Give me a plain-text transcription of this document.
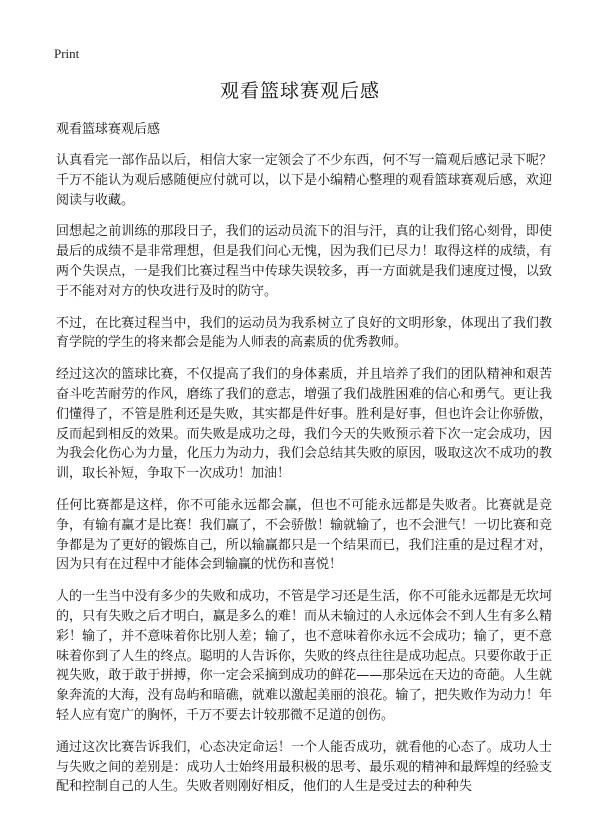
Print
观看篮球赛观后感

观看篮球赛观后感

认真看完一部作品以后，相信大家一定领会了不少东西，何不写一篇观后感记录下呢？千万不能认为观后感随便应付就可以，以下是小编精心整理的观看篮球赛观后感，欢迎阅读与收藏。

回想起之前训练的那段日子，我们的运动员流下的泪与汗，真的让我们铭心刻骨，即使最后的成绩不是非常理想，但是我们问心无愧，因为我们已尽力！取得这样的成绩，有两个失误点，一是我们比赛过程当中传球失误较多，再一方面就是我们速度过慢，以致于不能对对方的快攻进行及时的防守。

不过，在比赛过程当中，我们的运动员为我系树立了良好的文明形象，体现出了我们教育学院的学生的将来都会是能为人师表的高素质的优秀教师。

经过这次的篮球比赛，不仅提高了我们的身体素质，并且培养了我们的团队精神和艰苦奋斗吃苦耐劳的作风，磨练了我们的意志，增强了我们战胜困难的信心和勇气。更让我们懂得了，不管是胜利还是失败，其实都是件好事。胜利是好事，但也许会让你骄傲，反而起到相反的效果。而失败是成功之母，我们今天的失败预示着下次一定会成功，因为我会化伤心为力量，化压力为动力，我们会总结其失败的原因，吸取这次不成功的教训，取长补短，争取下一次成功！加油！

任何比赛都是这样，你不可能永远都会赢，但也不可能永远都是失败者。比赛就是竞争，有输有赢才是比赛！我们赢了，不会骄傲！输就输了，也不会泄气！一切比赛和竞争都是为了更好的锻炼自己，所以输赢都只是一个结果而已，我们注重的是过程才对，因为只有在过程中才能体会到输赢的忧伤和喜悦！

人的一生当中没有多少的失败和成功，不管是学习还是生活，你不可能永远都是无坎坷的，只有失败之后才明白，赢是多么的难！而从未输过的人永远体会不到人生有多么精彩！输了，并不意味着你比别人差；输了，也不意味着你永远不会成功；输了，更不意味着你到了人生的终点。聪明的人告诉你，失败的终点往往是成功起点。只要你敢于正视失败，敢于敢于拼搏，你一定会采摘到成功的鲜花——那朵远在天边的奇葩。人生就象奔流的大海，没有岛屿和暗礁，就难以激起美丽的浪花。输了，把失败作为动力！年轻人应有宽广的胸怀，千万不要去计较那微不足道的创伤。

通过这次比赛告诉我们，心态决定命运！一个人能否成功，就看他的心态了。成功人士与失败之间的差别是：成功人士始终用最积极的思考、最乐观的精神和最辉煌的经验支配和控制自己的人生。失败者则刚好相反，他们的人生是受过去的种种失
